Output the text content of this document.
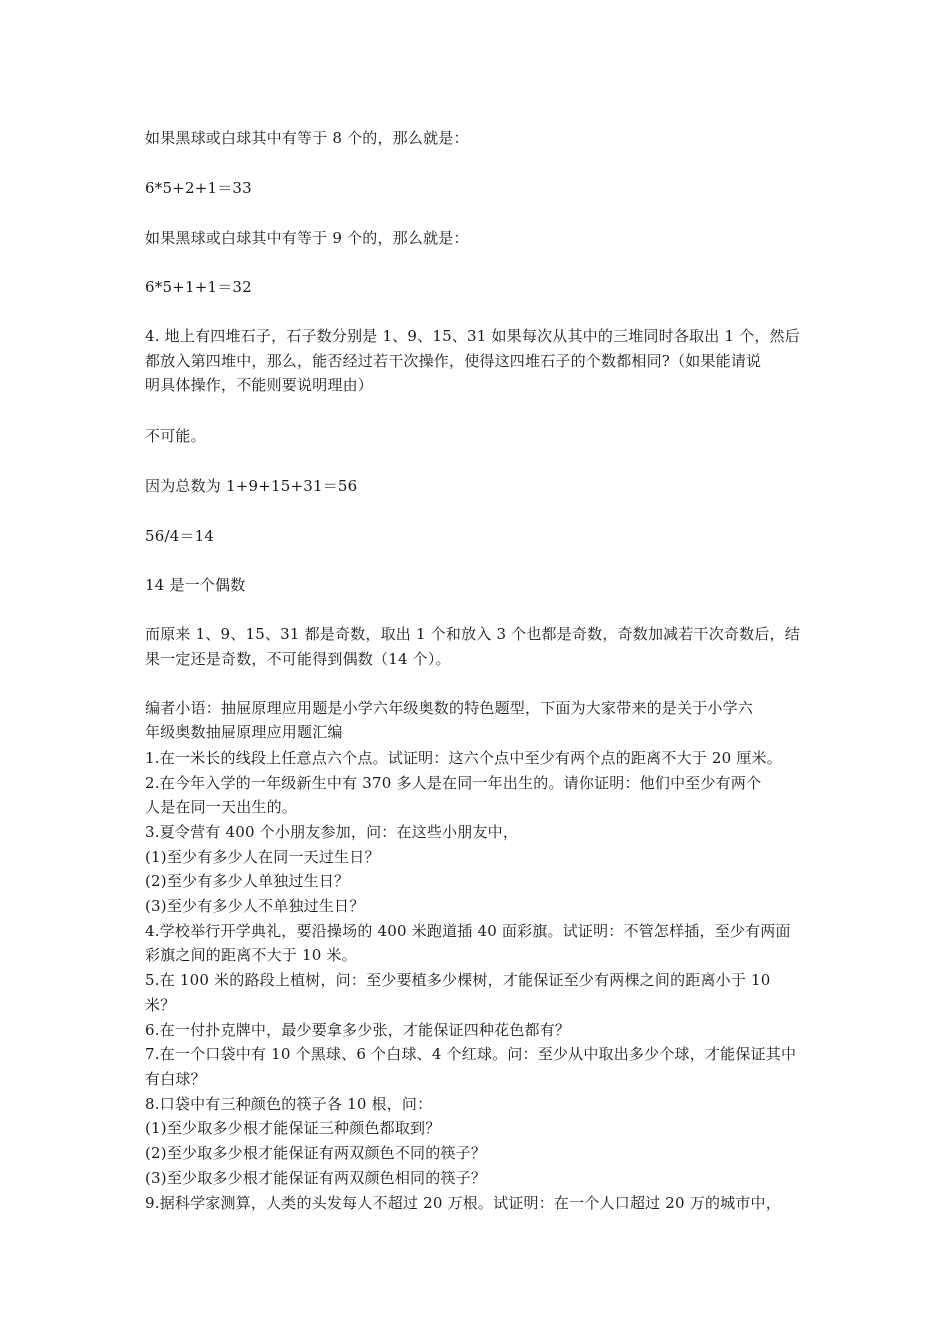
如果黑球或白球其中有等于 8 个的，那么就是：
6*5+2+1＝33
如果黑球或白球其中有等于 9 个的，那么就是：
6*5+1+1＝32
4. 地上有四堆石子，石子数分别是 1、9、15、31 如果每次从其中的三堆同时各取出 1 个，然后
都放入第四堆中，那么，能否经过若干次操作，使得这四堆石子的个数都相同?（如果能请说
明具体操作，不能则要说明理由）
不可能。
因为总数为 1+9+15+31＝56
56/4＝14
14 是一个偶数
而原来 1、9、15、31 都是奇数，取出 1 个和放入 3 个也都是奇数，奇数加减若干次奇数后，结
果一定还是奇数，不可能得到偶数（14 个）。
编者小语：抽屉原理应用题是小学六年级奥数的特色题型，下面为大家带来的是关于小学六
年级奥数抽屉原理应用题汇编
1.在一米长的线段上任意点六个点。试证明：这六个点中至少有两个点的距离不大于 20 厘米。
2.在今年入学的一年级新生中有 370 多人是在同一年出生的。请你证明：他们中至少有两个
人是在同一天出生的。
3.夏令营有 400 个小朋友参加，问：在这些小朋友中，
(1)至少有多少人在同一天过生日？
(2)至少有多少人单独过生日？
(3)至少有多少人不单独过生日？
4.学校举行开学典礼，要沿操场的 400 米跑道插 40 面彩旗。试证明：不管怎样插，至少有两面
彩旗之间的距离不大于 10 米。
5.在 100 米的路段上植树，问：至少要植多少棵树，才能保证至少有两棵之间的距离小于 10
米？
6.在一付扑克牌中，最少要拿多少张，才能保证四种花色都有？
7.在一个口袋中有 10 个黑球、6 个白球、4 个红球。问：至少从中取出多少个球，才能保证其中
有白球？
8.口袋中有三种颜色的筷子各 10 根，问：
(1)至少取多少根才能保证三种颜色都取到？
(2)至少取多少根才能保证有两双颜色不同的筷子？
(3)至少取多少根才能保证有两双颜色相同的筷子？
9.据科学家测算，人类的头发每人不超过 20 万根。试证明：在一个人口超过 20 万的城市中，
